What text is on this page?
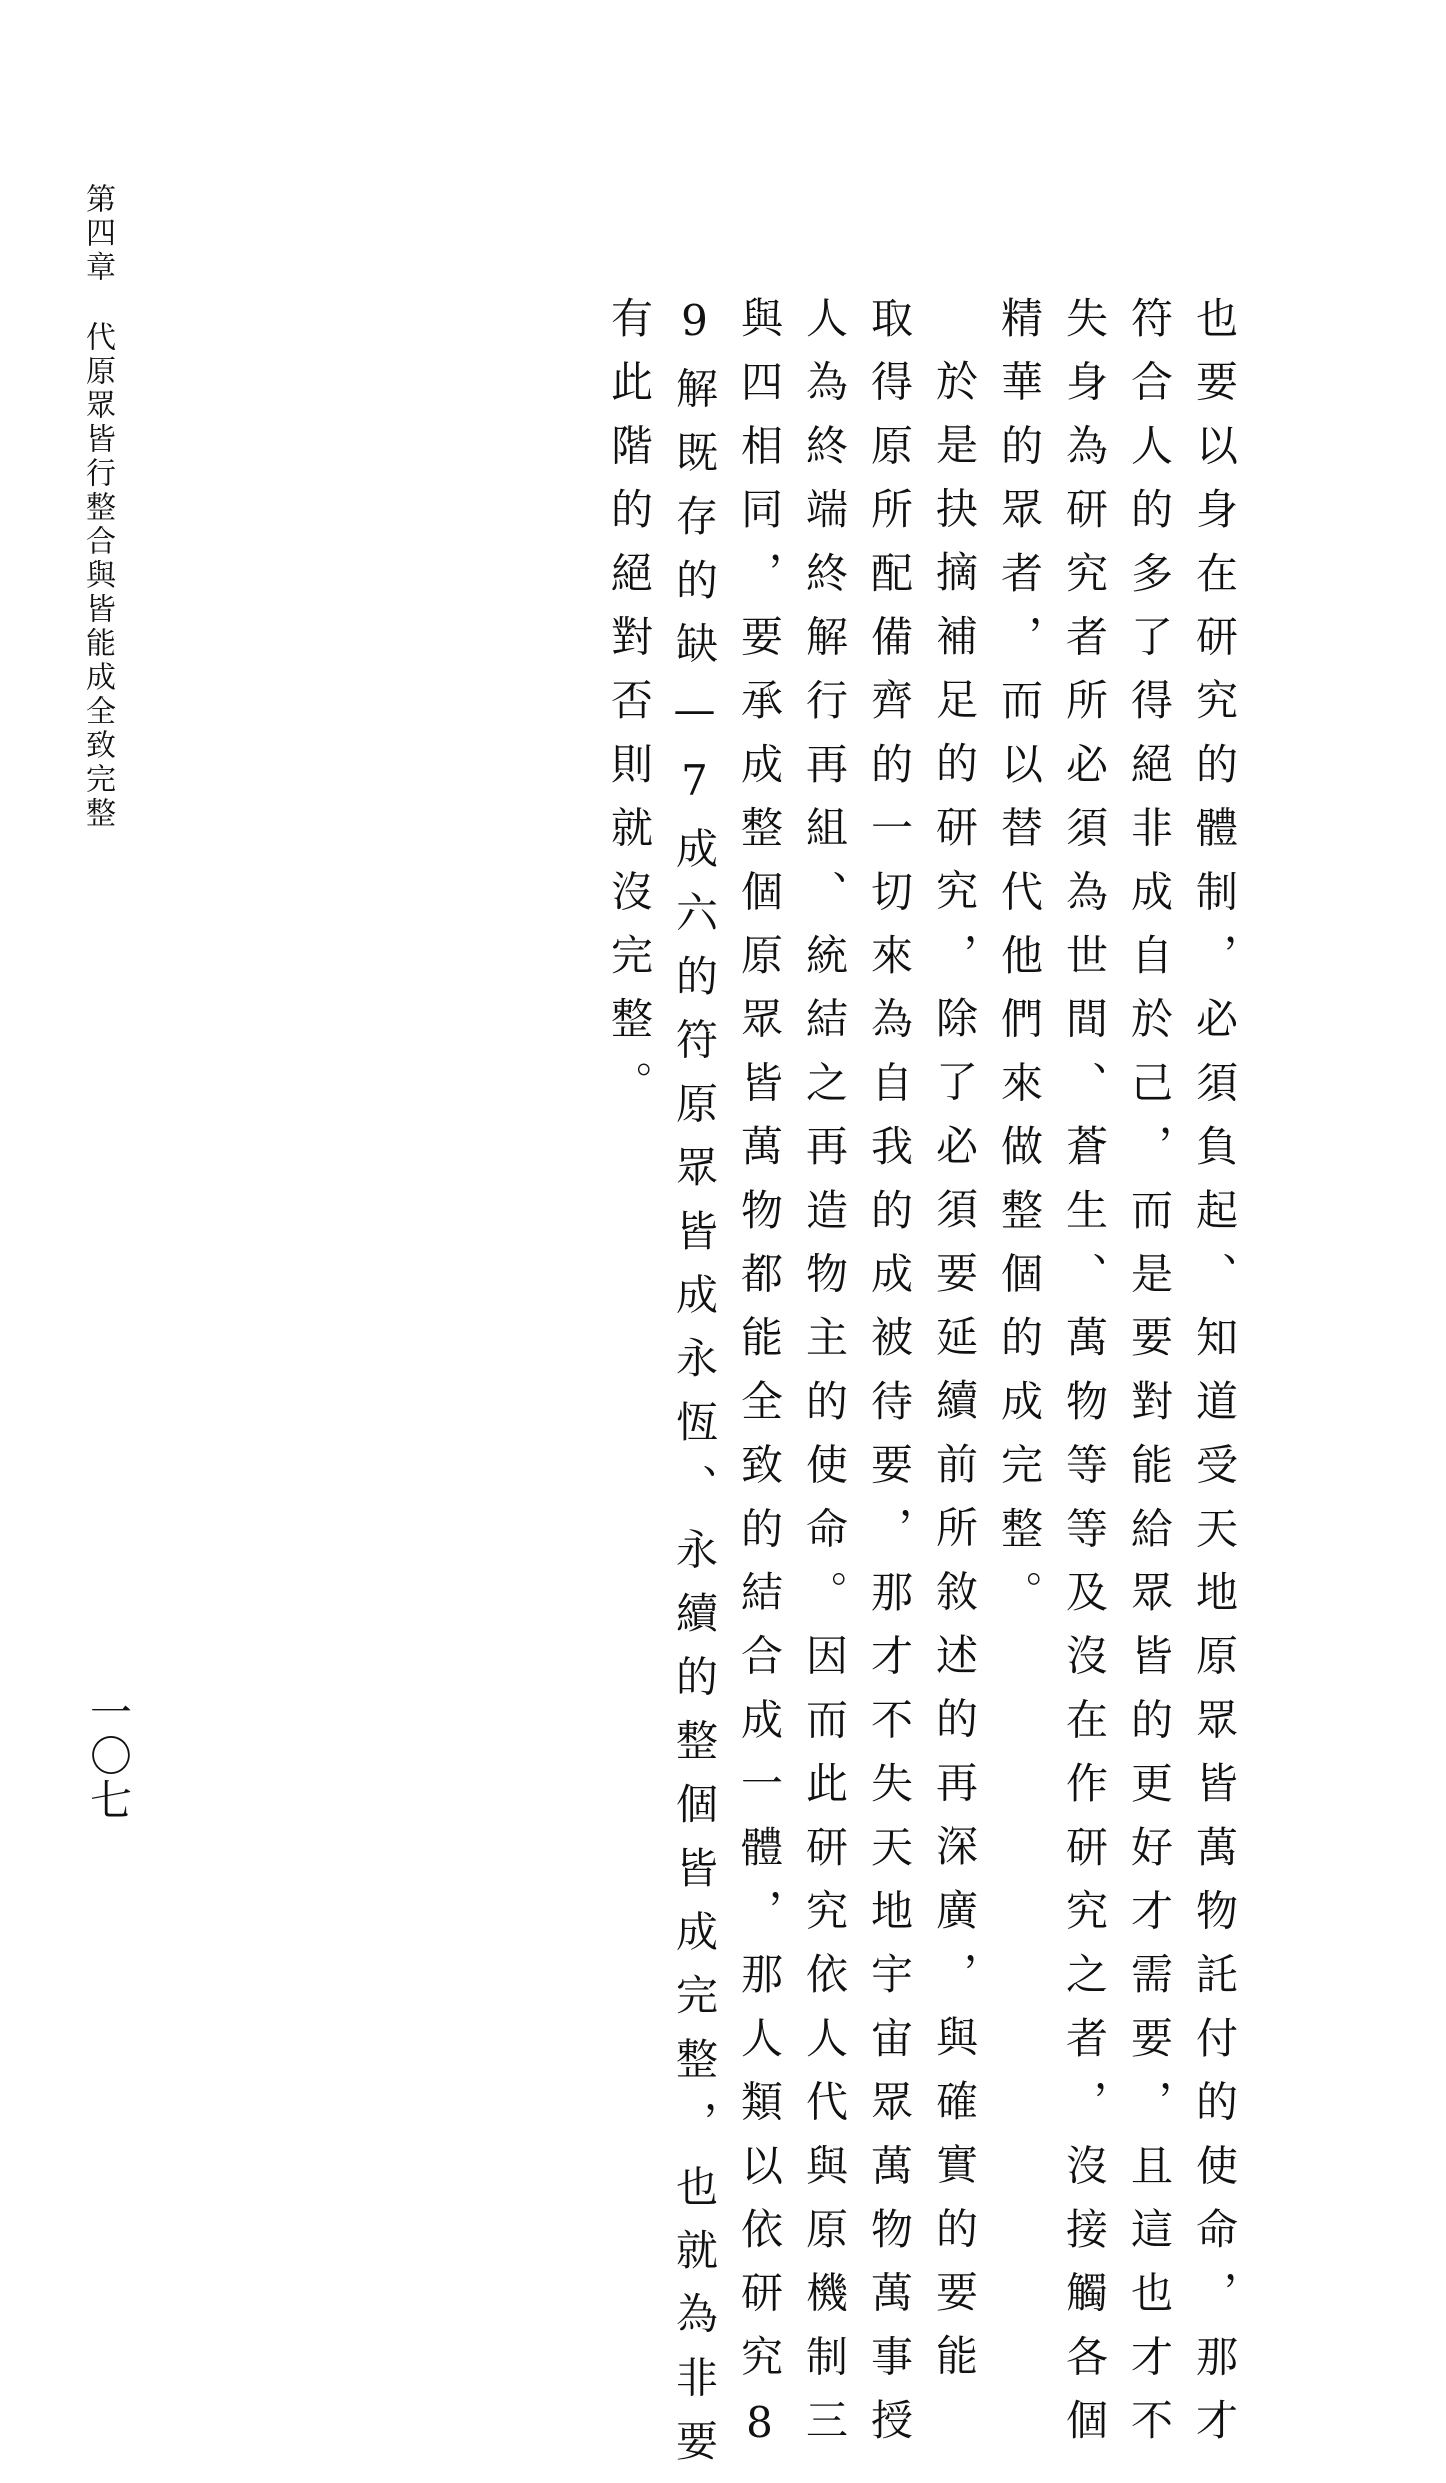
第四章代原眾皆行整合與皆能成全致完整
一〇七	也要以身在研究的體制，必須負起、知道受天地原眾皆萬物託付的使命，那才
符合人的多了得絕非成自於己，而是要對能給眾皆的更好才需要，且這也才不
失身為研究者所必須為世間、蒼生、萬物等等及沒在作研究之者，沒接觸各個
精華的眾者，而以替代他們來做整個的成完整。
於是抉摘補足的研究，除了必須要延續前所敘述的再深廣，與確實的要能
取得原所配備齊的一切來為自我的成被待要，那才不失天地宇宙眾萬物萬事授
人為終端終解行再組、統結之再造物主的使命。因而此研究依人代與原機制三
與四相同，要承成整個原眾皆萬物都能全致的結合成一體，那人類以依研究8
9解既存的缺—7成六的符原眾皆成永恆、永續的整個皆成完整，也就為非要
有此階的絕對否則就沒完整。
